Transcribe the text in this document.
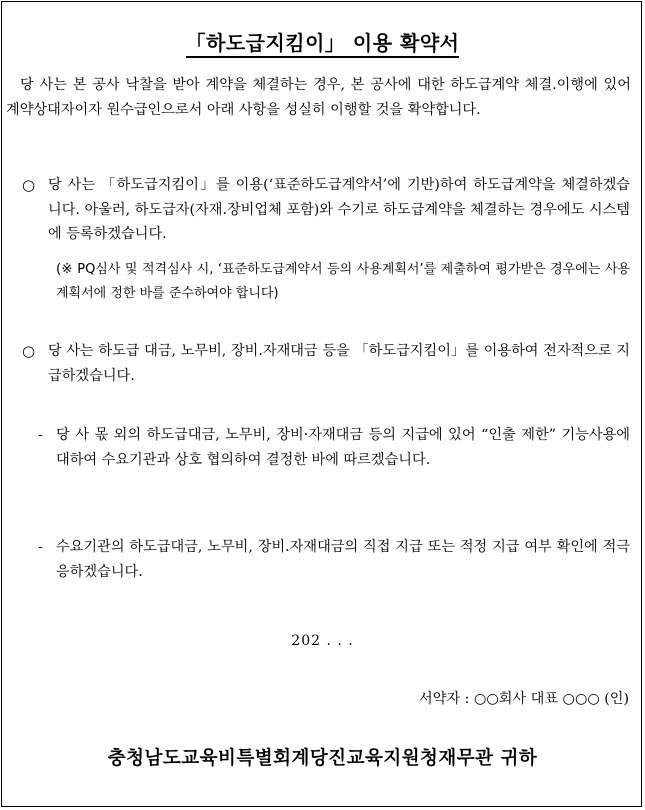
「하도급지킴이」 이용 확약서

당 사는 본 공사 낙찰을 받아 계약을 체결하는 경우, 본 공사에 대한 하도급계약 체결.이행에 있어 계약상대자이자 원수급인으로서 아래 사항을 성실히 이행할 것을 확약합니다.

○ 당 사는 「하도급지킴이」를 이용(‘표준하도급계약서’에 기반)하여 하도급계약을 체결하겠습니다. 아울러, 하도급자(자재.장비업체 포함)와 수기로 하도급계약을 체결하는 경우에도 시스템에 등록하겠습니다.

(※ PQ심사 및 적격심사 시, ‘표준하도급계약서 등의 사용계획서’를 제출하여 평가받은 경우에는 사용계획서에 정한 바를 준수하여야 합니다)

○ 당 사는 하도급 대금, 노무비, 장비.자재대금 등을 「하도급지킴이」를 이용하여 전자적으로 지급하겠습니다.

- 당 사 몫 외의 하도급대금, 노무비, 장비·자재대금 등의 지급에 있어 “인출 제한” 기능사용에 대하여 수요기관과 상호 협의하여 결정한 바에 따르겠습니다.

- 수요기관의 하도급대금, 노무비, 장비.자재대금의 직접 지급 또는 적정 지급 여부 확인에 적극 응하겠습니다.

202 . . .
서약자 : ○○회사 대표 ○○○ (인)
충청남도교육비특별회계당진교육지원청재무관 귀하
